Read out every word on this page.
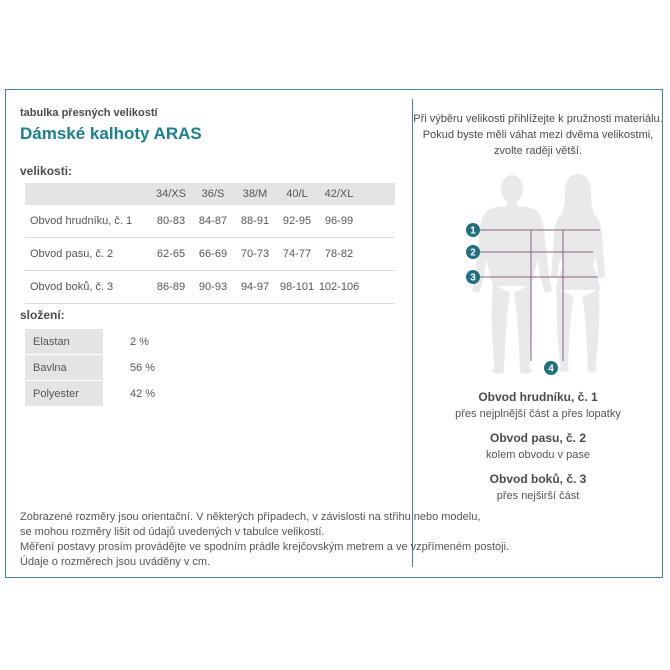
tabulka přesných velikostí
Dámské kalhoty ARAS
velikosti:
	34/XS	36/S	38/M	40/L	42/XL	
Obvod hrudníku, č. 1	80-83	84-87	88-91	92-95	96-99	
Obvod pasu, č. 2	62-65	66-69	70-73	74-77	78-82	
Obvod boků, č. 3	86-89	90-93	94-97	98-101	102-106	
složení:
Elastan	2 %
Bavlna	56 %
Polyester	42 %
Zobrazené rozměry jsou orientační. V některých případech, v závislosti na střihu nebo modelu,
se mohou rozměry lišit od údajů uvedených v tabulce velikostí.
Měření postavy prosím provádějte ve spodním prádle krejčovským metrem a ve vzpřímeném postoji.
Údaje o rozměrech jsou uváděny v cm.
Při výběru velikosti přihlížejte k pružnosti materiálu.
Pokud byste měli váhat mezi dvěma velikostmi,
zvolte raději větší.
1
2
3
4
Obvod hrudníku, č. 1
přes nejplnější část a přes lopatky
Obvod pasu, č. 2
kolem obvodu v pase
Obvod boků, č. 3
přes nejširší část
